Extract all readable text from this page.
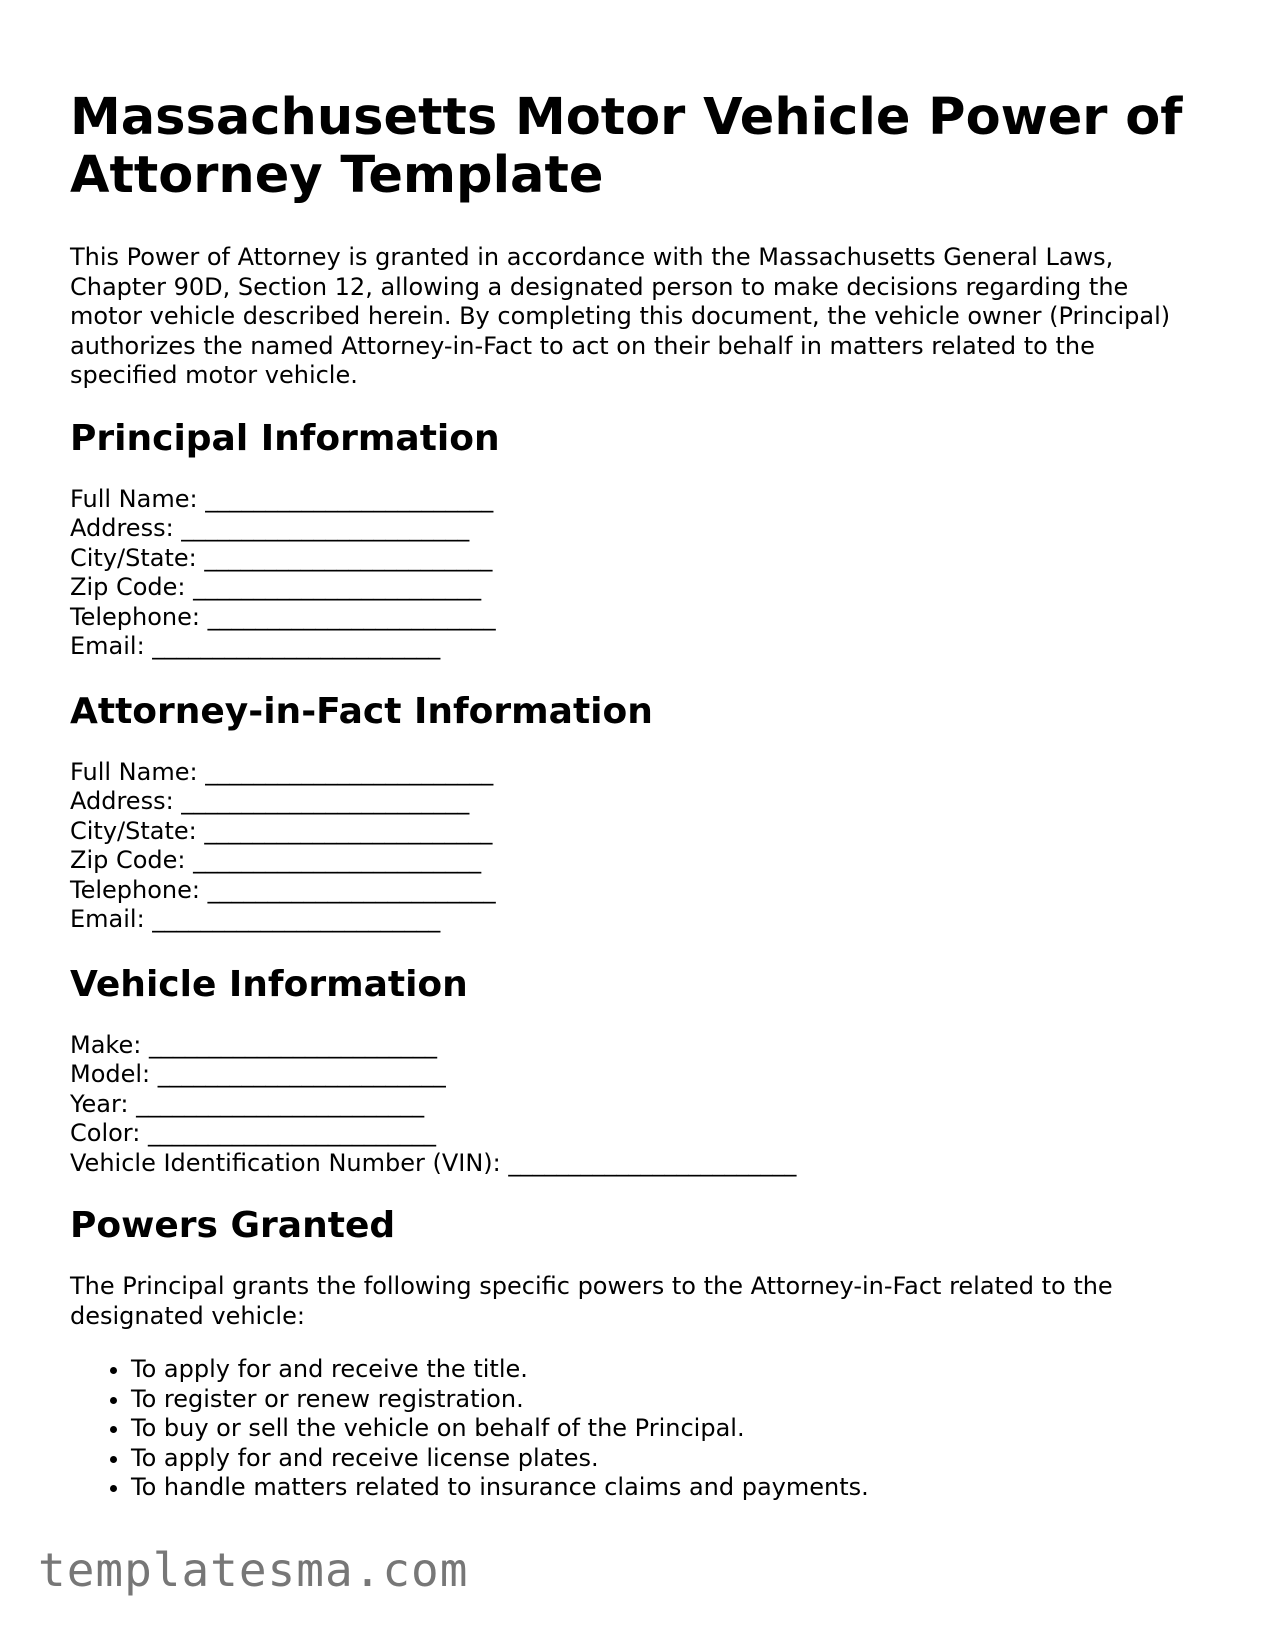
Massachusetts Motor Vehicle Power of Attorney Template

This Power of Attorney is granted in accordance with the Massachusetts General Laws, Chapter 90D, Section 12, allowing a designated person to make decisions regarding the motor vehicle described herein. By completing this document, the vehicle owner (Principal) authorizes the named Attorney-in-Fact to act on their behalf in matters related to the specified motor vehicle.

Principal Information
Full Name: ________________________
Address: ________________________
City/State: ________________________
Zip Code: ________________________
Telephone: ________________________
Email: ________________________
Attorney-in-Fact Information
Full Name: ________________________
Address: ________________________
City/State: ________________________
Zip Code: ________________________
Telephone: ________________________
Email: ________________________
Vehicle Information
Make: ________________________
Model: ________________________
Year: ________________________
Color: ________________________
Vehicle Identification Number (VIN): ________________________
Powers Granted

The Principal grants the following specific powers to the Attorney-in-Fact related to the designated vehicle:

• To apply for and receive the title.
• To register or renew registration.
• To buy or sell the vehicle on behalf of the Principal.
• To apply for and receive license plates.
• To handle matters related to insurance claims and payments.
templatesma.com
